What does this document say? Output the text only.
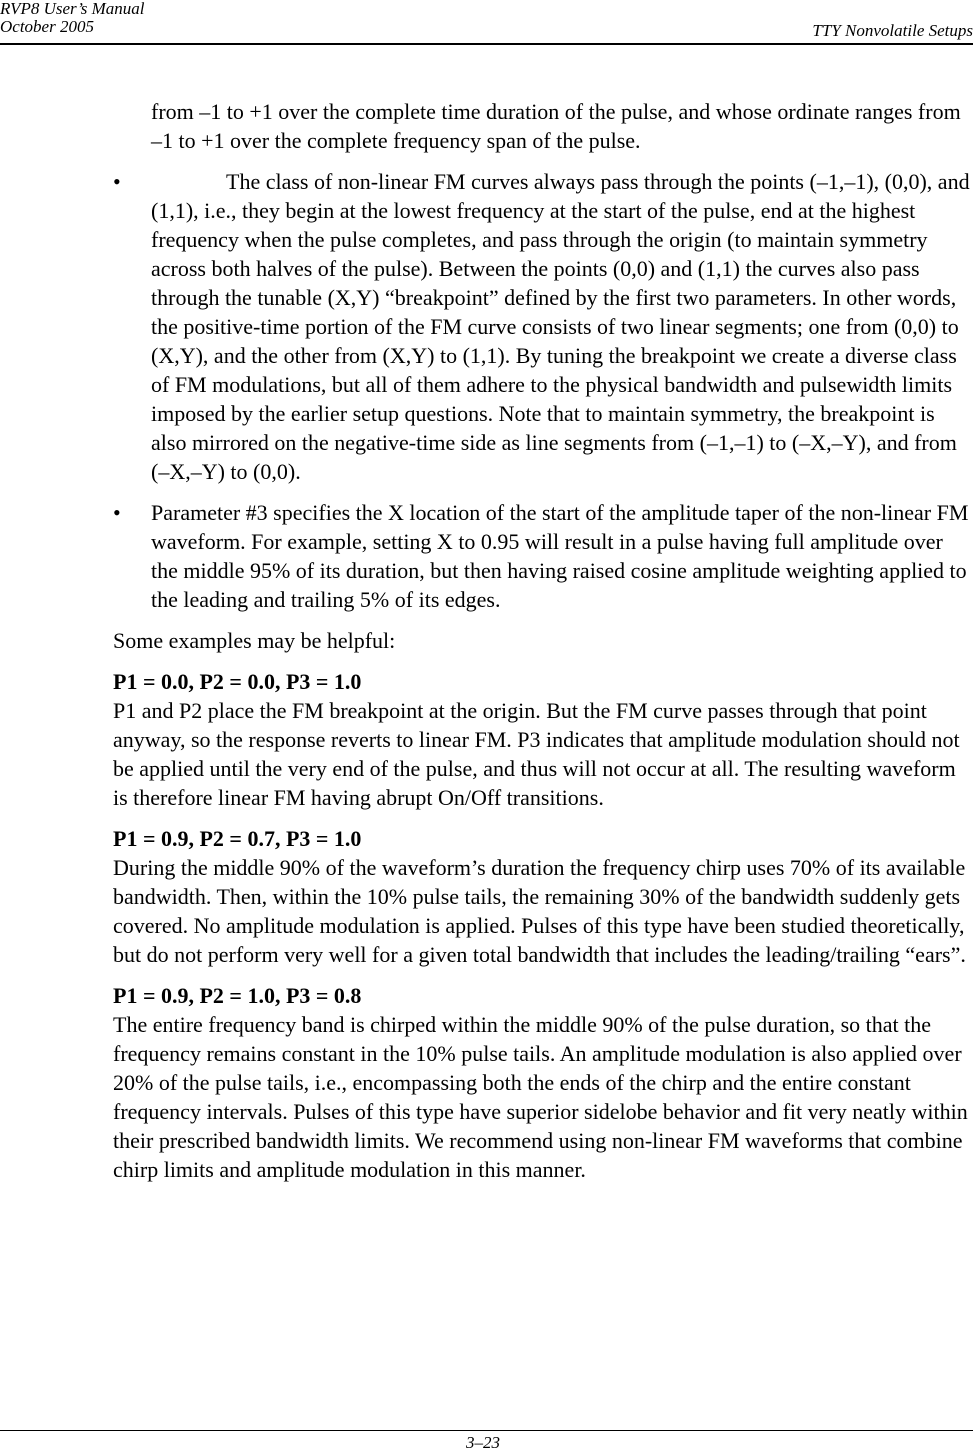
RVP8 User’s Manual
October 2005	TTY Nonvolatile Setups

from –1 to +1 over the complete time duration of the pulse, and whose ordinate ranges from –1 to +1 over the complete frequency span of the pulse.

•	The class of non-linear FM curves always pass through the points (–1,–1), (0,0), and (1,1), i.e., they begin at the lowest frequency at the start of the pulse, end at the highest frequency when the pulse completes, and pass through the origin (to maintain symmetry across both halves of the pulse). Between the points (0,0) and (1,1) the curves also pass through the tunable (X,Y) “breakpoint” defined by the first two parameters. In other words, the positive-time portion of the FM curve consists of two linear segments; one from (0,0) to (X,Y), and the other from (X,Y) to (1,1). By tuning the breakpoint we create a diverse class of FM modulations, but all of them adhere to the physical bandwidth and pulsewidth limits imposed by the earlier setup questions. Note that to maintain symmetry, the breakpoint is also mirrored on the negative-time side as line segments from (–1,–1) to (–X,–Y), and from (–X,–Y) to (0,0).
• Parameter #3 specifies the X location of the start of the amplitude taper of the non-linear FM waveform. For example, setting X to 0.95 will result in a pulse having full amplitude over the middle 95% of its duration, but then having raised cosine amplitude weighting applied to the leading and trailing 5% of its edges.

Some examples may be helpful:

P1 = 0.0, P2 = 0.0, P3 = 1.0

P1 and P2 place the FM breakpoint at the origin. But the FM curve passes through that point anyway, so the response reverts to linear FM. P3 indicates that amplitude modulation should not be applied until the very end of the pulse, and thus will not occur at all. The resulting waveform is therefore linear FM having abrupt On/Off transitions.

P1 = 0.9, P2 = 0.7, P3 = 1.0

During the middle 90% of the waveform’s duration the frequency chirp uses 70% of its available bandwidth. Then, within the 10% pulse tails, the remaining 30% of the bandwidth suddenly gets covered. No amplitude modulation is applied. Pulses of this type have been studied theoretically, but do not perform very well for a given total bandwidth that includes the leading/trailing “ears”.

P1 = 0.9, P2 = 1.0, P3 = 0.8

The entire frequency band is chirped within the middle 90% of the pulse duration, so that the frequency remains constant in the 10% pulse tails. An amplitude modulation is also applied over 20% of the pulse tails, i.e., encompassing both the ends of the chirp and the entire constant frequency intervals. Pulses of this type have superior sidelobe behavior and fit very neatly within their prescribed bandwidth limits. We recommend using non-linear FM waveforms that combine chirp limits and amplitude modulation in this manner.

3–23
